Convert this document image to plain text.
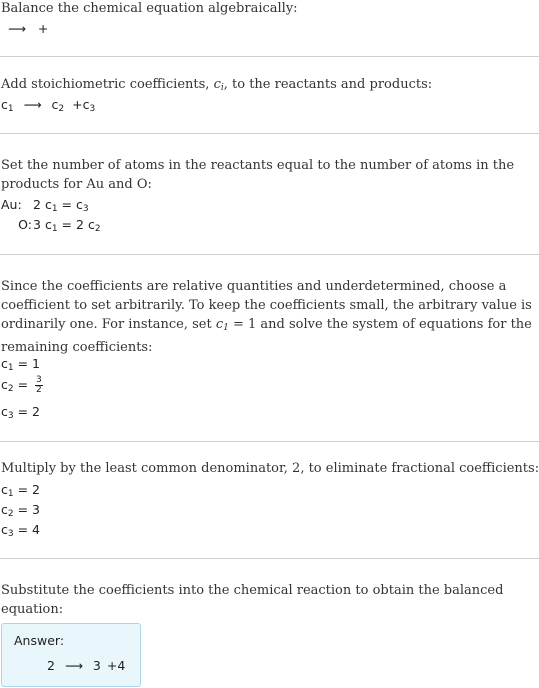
Balance the chemical equation algebraically:
⟶ +
Add stoichiometric coefficients, $c_i$, to the reactants and products:
$c_1$ ⟶ $c_2 +c_3$
Set the number of atoms in the reactants equal to the number of atoms in the products for Au and O:
Au: 2 $c_1 = c_3$
O:3 $c_1 = 2$ $c_2$
Since the coefficients are relative quantities and underdetermined, choose a coefficient to set arbitrarily. To keep the coefficients small, the arbitrary value is ordinarily one. For instance, set $c_1 = 1$ and solve the system of equations for the remaining coefficients:
$c_1 = 1$
$c_2 = \frac{3}{2}$
$c_3 = 2$
Multiply by the least common denominator, 2, to eliminate fractional coefficients:
$c_1 = 2$
$c_2 = 3$
$c_3 = 4$
Substitute the coefficients into the chemical reaction to obtain the balanced equation:
Answer:
2 ⟶ 3 +4
